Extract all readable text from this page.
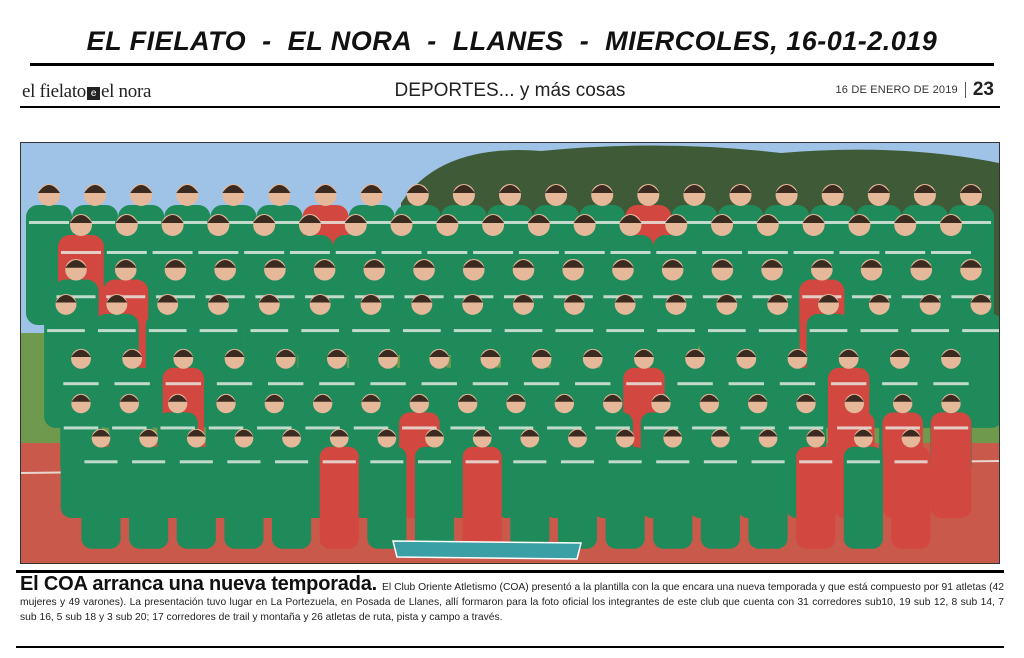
EL FIELATO  -  EL NORA  -  LLANES  -  MIERCOLES, 16-01-2.019
el fielato e el nora	DEPORTES... y más cosas	16 DE ENERO DE 2019 23
El COA arranca una nueva temporada. El Club Oriente Atletismo (COA) presentó a la plantilla con la que encara una nueva temporada y que está compuesto por 91 atletas (42 mujeres y 49 varones). La presentación tuvo lugar en La Portezuela, en Posada de Llanes, allí formaron para la foto oficial los integrantes de este club que cuenta con 31 corredores sub10, 19 sub 12, 8 sub 14, 7 sub 16, 5 sub 18 y 3 sub 20; 17 corredores de trail y montaña y 26 atletas de ruta, pista y campo a través.
